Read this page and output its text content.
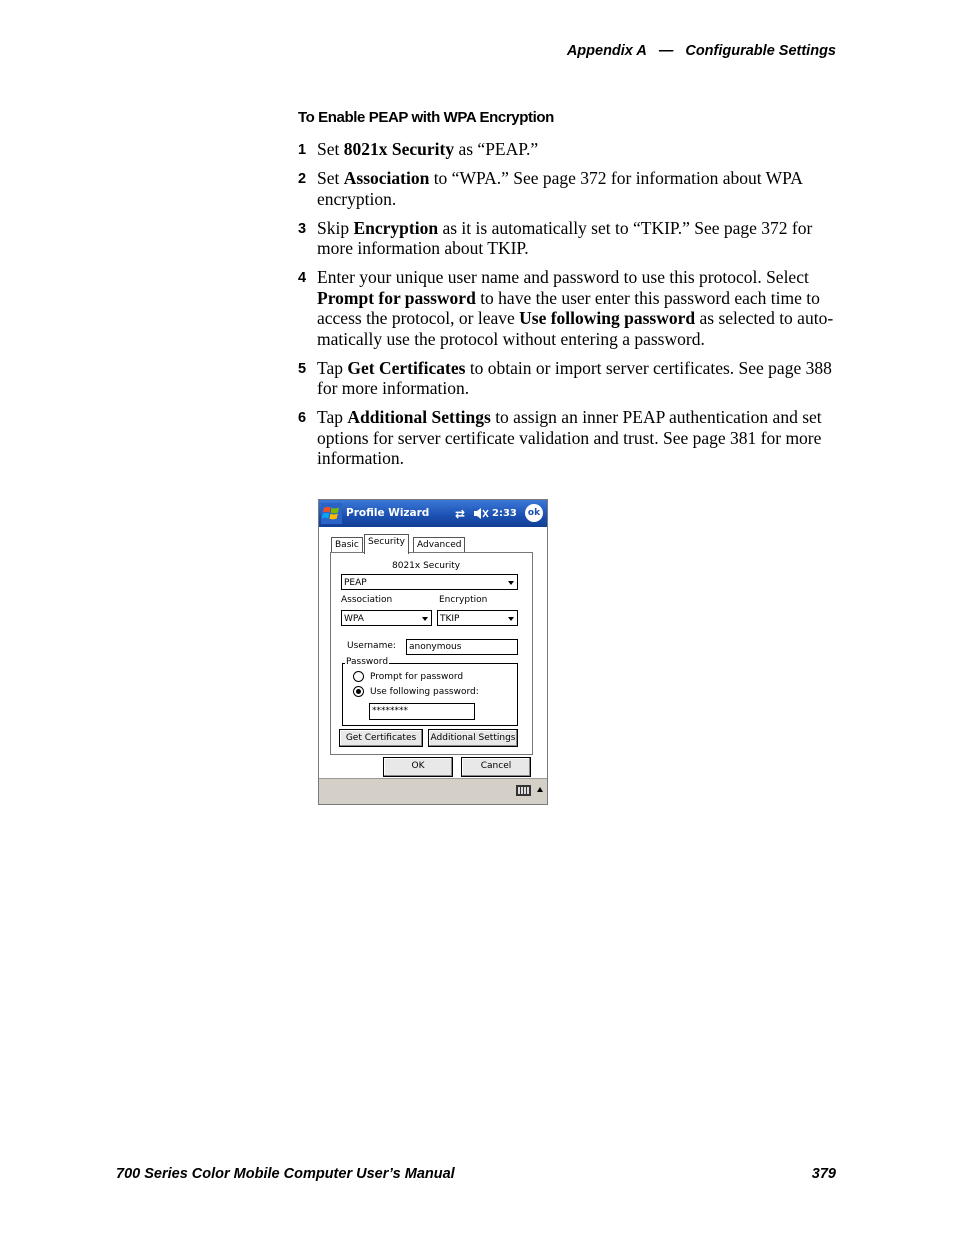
Appendix A — Configurable Settings
To Enable PEAP with WPA Encryption
1 Set 8021x Security as “PEAP.”
2 Set Association to “WPA.” See page 372 for information about WPA encryption.
3 Skip Encryption as it is automatically set to “TKIP.” See page 372 for more information about TKIP.
4 Enter your unique user name and password to use this protocol. Select Prompt for password to have the user enter this password each time to access the protocol, or leave Use following password as selected to auto-matically use the protocol without entering a password.
5 Tap Get Certificates to obtain or import server certificates. See page 388 for more information.
6 Tap Additional Settings to assign an inner PEAP authentication and set options for server certificate validation and trust. See page 381 for more information.
Profile Wizard ⇄	2:33	ok
Basic	Security	Advanced
8021x Security
PEAP
Association	Encryption
WPA	TKIP
Username:	anonymous
Password
Prompt for password
Use following password:
********
Get Certificates	Additional Settings
OK	Cancel
700 Series Color Mobile Computer User’s Manual	379
